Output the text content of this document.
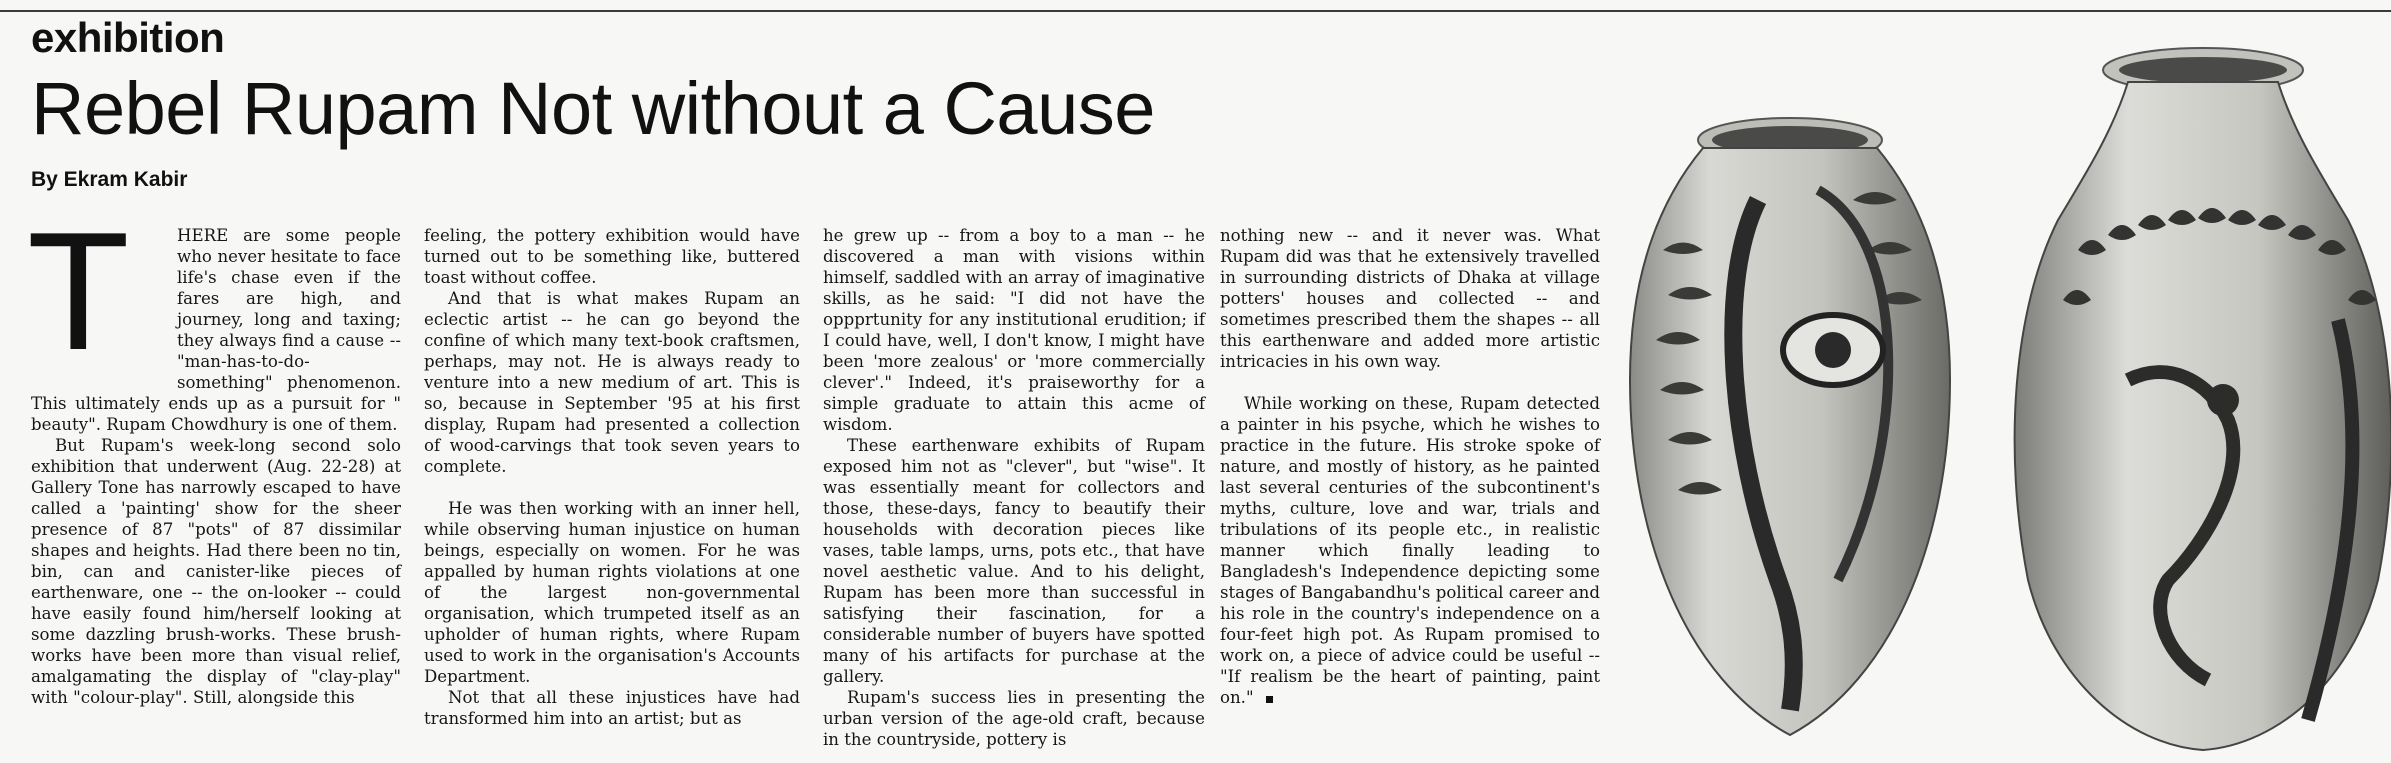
exhibition
Rebel Rupam Not without a Cause
By Ekram Kabir
T	HERE are some people who never hesitate to face life's chase even if the fares are high, and journey, long and taxing; they always find a cause -- "man-has-to-do-something" phenomenon. This ultimately ends up as a pursuit for " beauty". Rupam Chowdhury is one of them.

But Rupam's week-long second solo exhibition that underwent (Aug. 22-28) at Gallery Tone has narrowly escaped to have called a 'painting' show for the sheer presence of 87 "pots" of 87 dissimilar shapes and heights. Had there been no tin, bin, can and canister-like pieces of earthenware, one -- the on-looker -- could have easily found him/herself looking at some dazzling brush-works. These brush-works have been more than visual relief, amalgamating the display of "clay-play" with "colour-play". Still, alongside this

feeling, the pottery exhibition would have turned out to be something like, buttered toast without coffee.

And that is what makes Rupam an eclectic artist -- he can go beyond the confine of which many text-book craftsmen, perhaps, may not. He is always ready to venture into a new medium of art. This is so, because in September '95 at his first display, Rupam had presented a collection of wood-carvings that took seven years to complete.

He was then working with an inner hell, while observing human injustice on human beings, especially on women. For he was appalled by human rights violations at one of the largest non-governmental organisation, which trumpeted itself as an upholder of human rights, where Rupam used to work in the organisation's Accounts Department.

Not that all these injustices have had transformed him into an artist; but as

he grew up -- from a boy to a man -- he discovered a man with visions within himself, saddled with an array of imaginative skills, as he said: "I did not have the oppprtunity for any institutional erudition; if I could have, well, I don't know, I might have been 'more zealous' or 'more commercially clever'." Indeed, it's praiseworthy for a simple graduate to attain this acme of wisdom.

These earthenware exhibits of Rupam exposed him not as "clever", but "wise". It was essentially meant for collectors and those, these-days, fancy to beautify their households with decoration pieces like vases, table lamps, urns, pots etc., that have novel aesthetic value. And to his delight, Rupam has been more than successful in satisfying their fascination, for a considerable number of buyers have spotted many of his artifacts for purchase at the gallery.

Rupam's success lies in presenting the urban version of the age-old craft, because in the countryside, pottery is

nothing new -- and it never was. What Rupam did was that he extensively travelled in surrounding districts of Dhaka at village potters' houses and collected -- and sometimes prescribed them the shapes -- all this earthenware and added more artistic intricacies in his own way.

While working on these, Rupam detected a painter in his psyche, which he wishes to practice in the future. His stroke spoke of nature, and mostly of history, as he painted last several centuries of the subcontinent's myths, culture, love and war, trials and tribulations of its people etc., in realistic manner which finally leading to Bangladesh's Independence depicting some stages of Bangabandhu's political career and his role in the country's independence on a four-feet high pot. As Rupam promised to work on, a piece of advice could be useful -- "If realism be the heart of painting, paint on."
